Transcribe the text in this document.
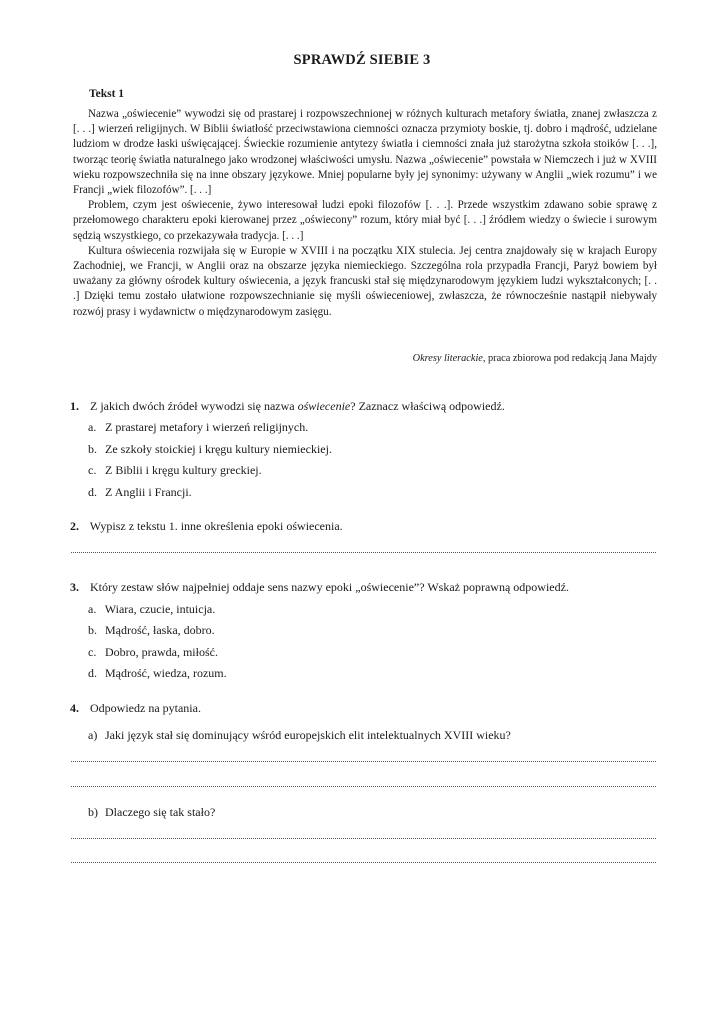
SPRAWDŹ SIEBIE 3
Tekst 1

Nazwa „oświecenie” wywodzi się od prastarej i rozpowszechnionej w różnych kulturach metafory światła, znanej zwłaszcza z [. . .] wierzeń religijnych. W Biblii światłość przeciwstawiona ciemności oznacza przymioty boskie, tj. dobro i mądrość, udzielane ludziom w drodze łaski uświęcającej. Świeckie rozumienie antytezy światła i ciemności znała już starożytna szkoła stoików [. . .], tworząc teorię światła naturalnego jako wrodzonej właściwości umysłu. Nazwa „oświecenie” powstała w Niemczech i już w XVIII wieku rozpowszechniła się na inne obszary językowe. Mniej popularne były jej synonimy: używany w Anglii „wiek rozumu” i we Francji „wiek filozofów”. [. . .]

Problem, czym jest oświecenie, żywo interesował ludzi epoki filozofów [. . .]. Przede wszystkim zdawano sobie sprawę z przełomowego charakteru epoki kierowanej przez „oświecony” rozum, który miał być [. . .] źródłem wiedzy o świecie i surowym sędzią wszystkiego, co przekazywała tradycja. [. . .]

Kultura oświecenia rozwijała się w Europie w XVIII i na początku XIX stulecia. Jej centra znajdowały się w krajach Europy Zachodniej, we Francji, w Anglii oraz na obszarze języka niemieckiego. Szczególna rola przypadła Francji, Paryż bowiem był uważany za główny ośrodek kultury oświecenia, a język francuski stał się międzynarodowym językiem ludzi wykształconych; [. . .] Dzięki temu zostało ułatwione rozpowszechnianie się myśli oświeceniowej, zwłaszcza, że równocześnie nastąpił niebywały rozwój prasy i wydawnictw o międzynarodowym zasięgu.

Okresy literackie, praca zbiorowa pod redakcją Jana Majdy
1. Z jakich dwóch źródeł wywodzi się nazwa oświecenie? Zaznacz właściwą odpowiedź.
a. Z prastarej metafory i wierzeń religijnych.
b. Ze szkoły stoickiej i kręgu kultury niemieckiej.
c. Z Biblii i kręgu kultury greckiej.
d. Z Anglii i Francji.
2. Wypisz z tekstu 1. inne określenia epoki oświecenia.
3. Który zestaw słów najpełniej oddaje sens nazwy epoki „oświecenie”? Wskaż poprawną odpowiedź.
a. Wiara, czucie, intuicja.
b. Mądrość, łaska, dobro.
c. Dobro, prawda, miłość.
d. Mądrość, wiedza, rozum.
4. Odpowiedz na pytania.
a) Jaki język stał się dominujący wśród europejskich elit intelektualnych XVIII wieku?
b) Dlaczego się tak stało?
